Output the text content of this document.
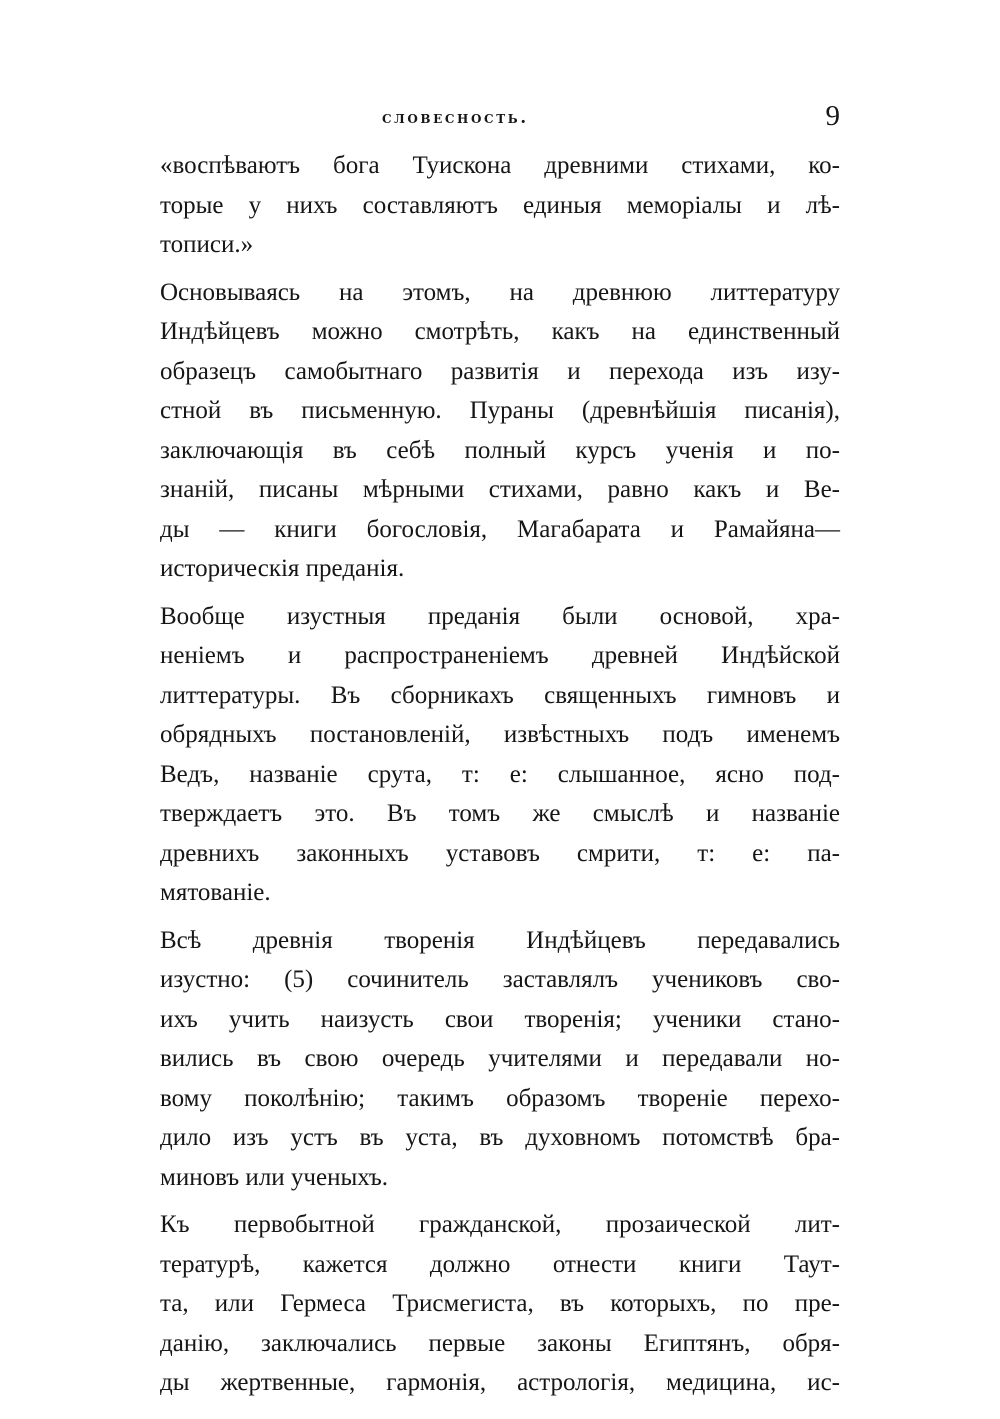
словесность.	9
«воспѣваютъ бога Туискона древними стихами, ко-
торые у нихъ составляютъ единыя меморіалы и лѣ-
тописи.»
Основываясь на этомъ, на древнюю литтературу
Индѣйцевъ можно смотрѣть, какъ на единственный
образецъ самобытнаго развитія и перехода изъ изу-
стной въ письменную. Пураны (древнѣйшія писанія),
заключающія въ себѣ полный курсъ ученія и по-
знаній, писаны мѣрными стихами, равно какъ и Ве-
ды — книги богословія, Магабарата и Рамайяна—
историческія преданія.
Вообще изустныя преданія были основой, хра-
неніемъ и распространеніемъ древней Индѣйской
литтературы. Въ сборникахъ священныхъ гимновъ и
обрядныхъ постановленій, извѣстныхъ подъ именемъ
Ведъ, названіе срута, т: е: слышанное, ясно под-
тверждаетъ это. Въ томъ же смыслѣ и названіе
древнихъ законныхъ уставовъ смрити, т: е: па-
мятованіе.
Всѣ древнія творенія Индѣйцевъ передавались
изустно: (5) сочинитель заставлялъ учениковъ сво-
ихъ учить наизусть свои творенія; ученики стано-
вились въ свою очередь учителями и передавали но-
вому поколѣнію; такимъ образомъ твореніе перехо-
дило изъ устъ въ уста, въ духовномъ потомствѣ бра-
миновъ или ученыхъ.
Къ первобытной гражданской, прозаической лит-
тературѣ, кажется должно отнести книги Таут-
та, или Гермеса Трисмегиста, въ которыхъ, по пре-
данію, заключались первые законы Египтянъ, обря-
ды жертвенные, гармонія, астрологія, медицина, ис-
